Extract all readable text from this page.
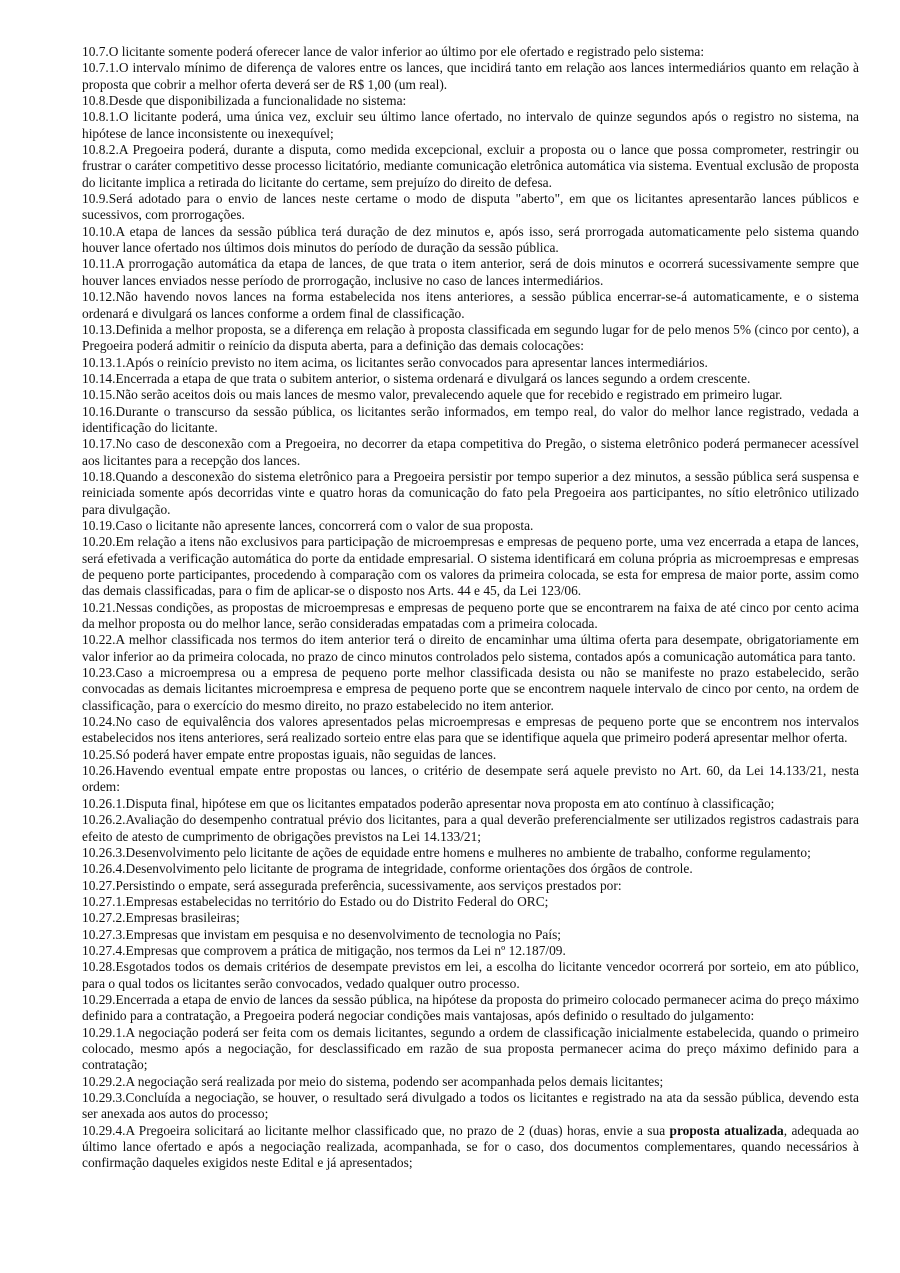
10.7.O licitante somente poderá oferecer lance de valor inferior ao último por ele ofertado e registrado pelo sistema:

10.7.1.O intervalo mínimo de diferença de valores entre os lances, que incidirá tanto em relação aos lances intermediários quanto em relação à proposta que cobrir a melhor oferta deverá ser de R$ 1,00 (um real).

10.8.Desde que disponibilizada a funcionalidade no sistema:

10.8.1.O licitante poderá, uma única vez, excluir seu último lance ofertado, no intervalo de quinze segundos após o registro no sistema, na hipótese de lance inconsistente ou inexequível;

10.8.2.A Pregoeira poderá, durante a disputa, como medida excepcional, excluir a proposta ou o lance que possa comprometer, restringir ou frustrar o caráter competitivo desse processo licitatório, mediante comunicação eletrônica automática via sistema. Eventual exclusão de proposta do licitante implica a retirada do licitante do certame, sem prejuízo do direito de defesa.

10.9.Será adotado para o envio de lances neste certame o modo de disputa "aberto", em que os licitantes apresentarão lances públicos e sucessivos, com prorrogações.

10.10.A etapa de lances da sessão pública terá duração de dez minutos e, após isso, será prorrogada automaticamente pelo sistema quando houver lance ofertado nos últimos dois minutos do período de duração da sessão pública.

10.11.A prorrogação automática da etapa de lances, de que trata o item anterior, será de dois minutos e ocorrerá sucessivamente sempre que houver lances enviados nesse período de prorrogação, inclusive no caso de lances intermediários.

10.12.Não havendo novos lances na forma estabelecida nos itens anteriores, a sessão pública encerrar-se-á automaticamente, e o sistema ordenará e divulgará os lances conforme a ordem final de classificação.

10.13.Definida a melhor proposta, se a diferença em relação à proposta classificada em segundo lugar for de pelo menos 5% (cinco por cento), a Pregoeira poderá admitir o reinício da disputa aberta, para a definição das demais colocações:

10.13.1.Após o reinício previsto no item acima, os licitantes serão convocados para apresentar lances intermediários.

10.14.Encerrada a etapa de que trata o subitem anterior, o sistema ordenará e divulgará os lances segundo a ordem crescente.

10.15.Não serão aceitos dois ou mais lances de mesmo valor, prevalecendo aquele que for recebido e registrado em primeiro lugar.

10.16.Durante o transcurso da sessão pública, os licitantes serão informados, em tempo real, do valor do melhor lance registrado, vedada a identificação do licitante.

10.17.No caso de desconexão com a Pregoeira, no decorrer da etapa competitiva do Pregão, o sistema eletrônico poderá permanecer acessível aos licitantes para a recepção dos lances.

10.18.Quando a desconexão do sistema eletrônico para a Pregoeira persistir por tempo superior a dez minutos, a sessão pública será suspensa e reiniciada somente após decorridas vinte e quatro horas da comunicação do fato pela Pregoeira aos participantes, no sítio eletrônico utilizado para divulgação.

10.19.Caso o licitante não apresente lances, concorrerá com o valor de sua proposta.

10.20.Em relação a itens não exclusivos para participação de microempresas e empresas de pequeno porte, uma vez encerrada a etapa de lances, será efetivada a verificação automática do porte da entidade empresarial. O sistema identificará em coluna própria as microempresas e empresas de pequeno porte participantes, procedendo à comparação com os valores da primeira colocada, se esta for empresa de maior porte, assim como das demais classificadas, para o fim de aplicar-se o disposto nos Arts. 44 e 45, da Lei 123/06.

10.21.Nessas condições, as propostas de microempresas e empresas de pequeno porte que se encontrarem na faixa de até cinco por cento acima da melhor proposta ou do melhor lance, serão consideradas empatadas com a primeira colocada.

10.22.A melhor classificada nos termos do item anterior terá o direito de encaminhar uma última oferta para desempate, obrigatoriamente em valor inferior ao da primeira colocada, no prazo de cinco minutos controlados pelo sistema, contados após a comunicação automática para tanto.

10.23.Caso a microempresa ou a empresa de pequeno porte melhor classificada desista ou não se manifeste no prazo estabelecido, serão convocadas as demais licitantes microempresa e empresa de pequeno porte que se encontrem naquele intervalo de cinco por cento, na ordem de classificação, para o exercício do mesmo direito, no prazo estabelecido no item anterior.

10.24.No caso de equivalência dos valores apresentados pelas microempresas e empresas de pequeno porte que se encontrem nos intervalos estabelecidos nos itens anteriores, será realizado sorteio entre elas para que se identifique aquela que primeiro poderá apresentar melhor oferta.

10.25.Só poderá haver empate entre propostas iguais, não seguidas de lances.

10.26.Havendo eventual empate entre propostas ou lances, o critério de desempate será aquele previsto no Art. 60, da Lei 14.133/21, nesta ordem:

10.26.1.Disputa final, hipótese em que os licitantes empatados poderão apresentar nova proposta em ato contínuo à classificação;

10.26.2.Avaliação do desempenho contratual prévio dos licitantes, para a qual deverão preferencialmente ser utilizados registros cadastrais para efeito de atesto de cumprimento de obrigações previstos na Lei 14.133/21;

10.26.3.Desenvolvimento pelo licitante de ações de equidade entre homens e mulheres no ambiente de trabalho, conforme regulamento;

10.26.4.Desenvolvimento pelo licitante de programa de integridade, conforme orientações dos órgãos de controle.

10.27.Persistindo o empate, será assegurada preferência, sucessivamente, aos serviços prestados por:

10.27.1.Empresas estabelecidas no território do Estado ou do Distrito Federal do ORC;

10.27.2.Empresas brasileiras;

10.27.3.Empresas que invistam em pesquisa e no desenvolvimento de tecnologia no País;

10.27.4.Empresas que comprovem a prática de mitigação, nos termos da Lei nº 12.187/09.

10.28.Esgotados todos os demais critérios de desempate previstos em lei, a escolha do licitante vencedor ocorrerá por sorteio, em ato público, para o qual todos os licitantes serão convocados, vedado qualquer outro processo.

10.29.Encerrada a etapa de envio de lances da sessão pública, na hipótese da proposta do primeiro colocado permanecer acima do preço máximo definido para a contratação, a Pregoeira poderá negociar condições mais vantajosas, após definido o resultado do julgamento:

10.29.1.A negociação poderá ser feita com os demais licitantes, segundo a ordem de classificação inicialmente estabelecida, quando o primeiro colocado, mesmo após a negociação, for desclassificado em razão de sua proposta permanecer acima do preço máximo definido para a contratação;

10.29.2.A negociação será realizada por meio do sistema, podendo ser acompanhada pelos demais licitantes;

10.29.3.Concluída a negociação, se houver, o resultado será divulgado a todos os licitantes e registrado na ata da sessão pública, devendo esta ser anexada aos autos do processo;

10.29.4.A Pregoeira solicitará ao licitante melhor classificado que, no prazo de 2 (duas) horas, envie a sua proposta atualizada, adequada ao último lance ofertado e após a negociação realizada, acompanhada, se for o caso, dos documentos complementares, quando necessários à confirmação daqueles exigidos neste Edital e já apresentados;
